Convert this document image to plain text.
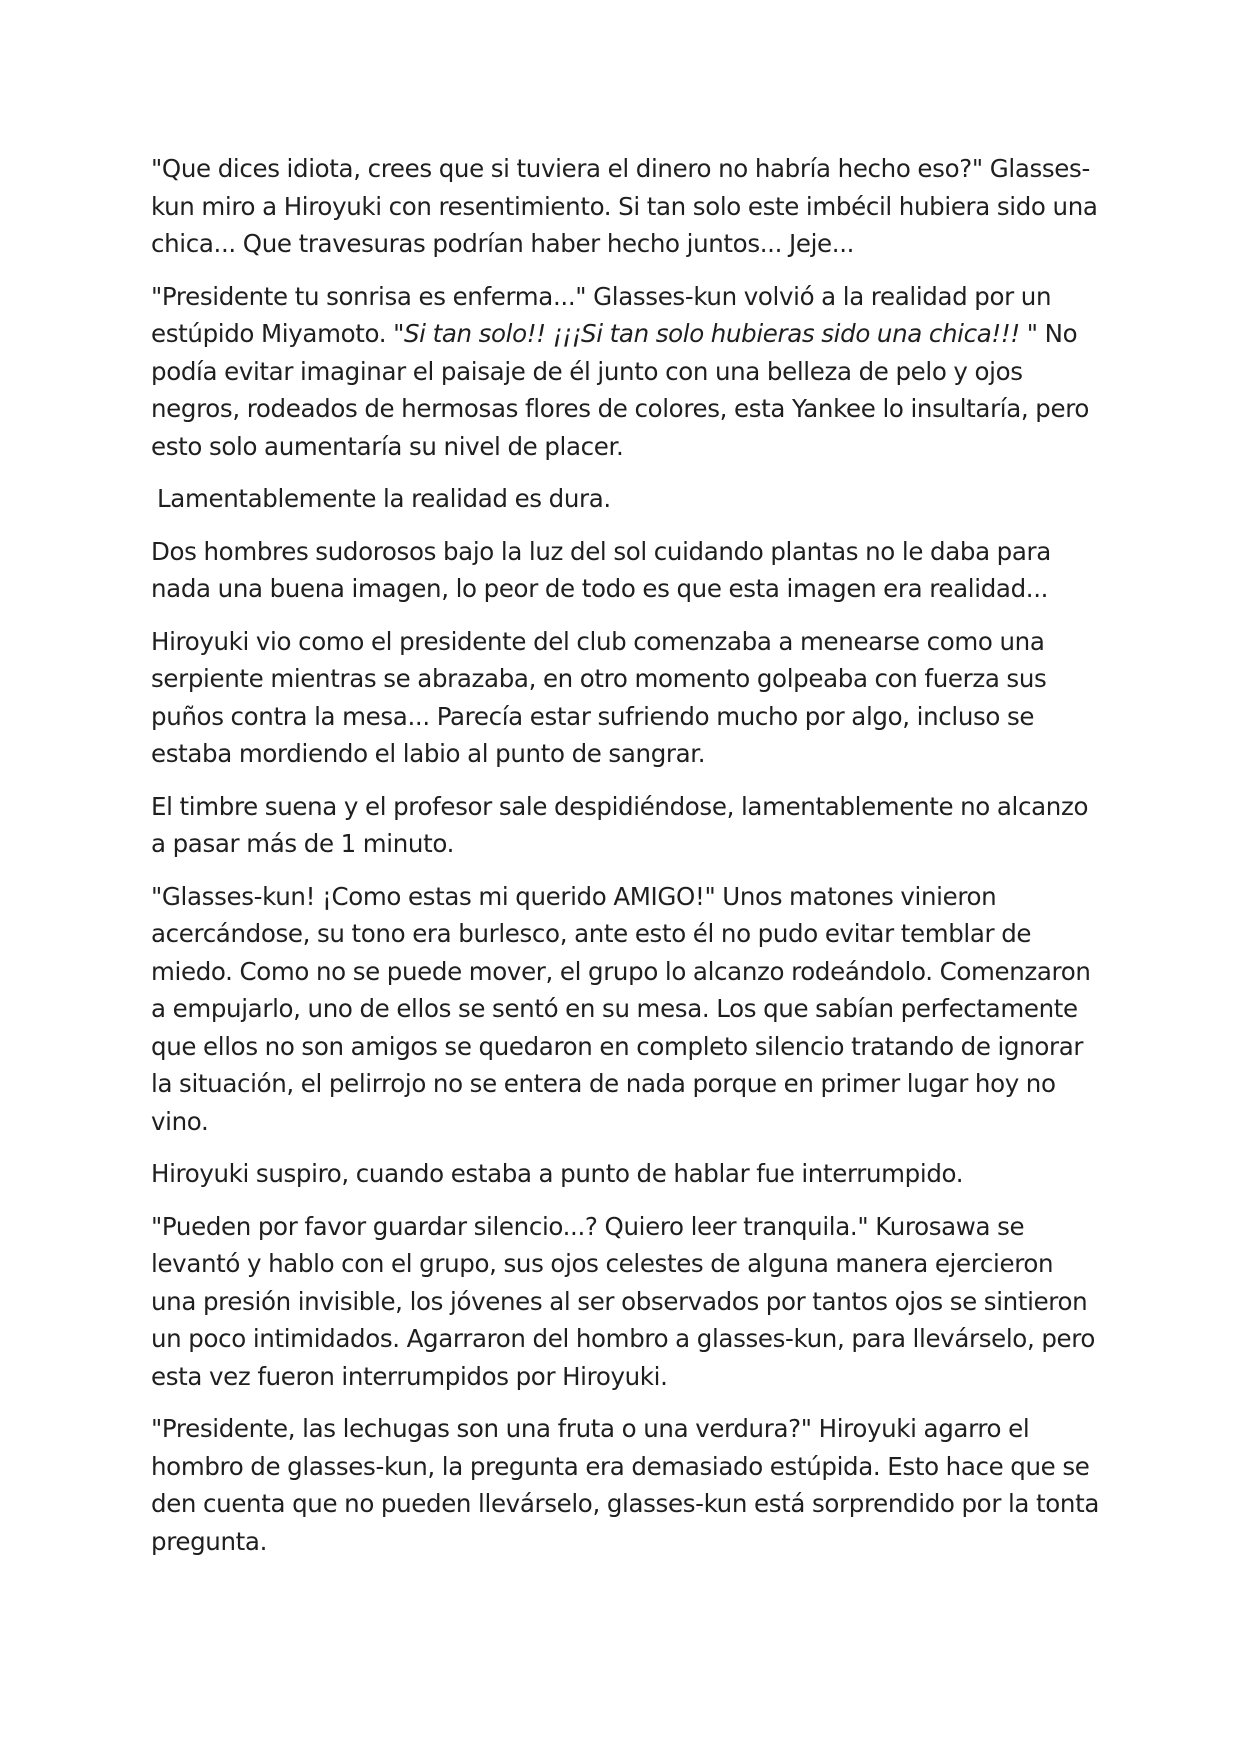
"Que dices idiota, crees que si tuviera el dinero no habría hecho eso?" Glasses-kun miro a Hiroyuki con resentimiento. Si tan solo este imbécil hubiera sido una chica... Que travesuras podrían haber hecho juntos... Jeje...

"Presidente tu sonrisa es enferma..." Glasses-kun volvió a la realidad por un estúpido Miyamoto. "Si tan solo!! ¡¡¡Si tan solo hubieras sido una chica!!! " No podía evitar imaginar el paisaje de él junto con una belleza de pelo y ojos negros, rodeados de hermosas flores de colores, esta Yankee lo insultaría, pero esto solo aumentaría su nivel de placer.

Lamentablemente la realidad es dura.

Dos hombres sudorosos bajo la luz del sol cuidando plantas no le daba para nada una buena imagen, lo peor de todo es que esta imagen era realidad...

Hiroyuki vio como el presidente del club comenzaba a menearse como una serpiente mientras se abrazaba, en otro momento golpeaba con fuerza sus puños contra la mesa... Parecía estar sufriendo mucho por algo, incluso se estaba mordiendo el labio al punto de sangrar.

El timbre suena y el profesor sale despidiéndose, lamentablemente no alcanzo a pasar más de 1 minuto.

"Glasses-kun! ¡Como estas mi querido AMIGO!" Unos matones vinieron acercándose, su tono era burlesco, ante esto él no pudo evitar temblar de miedo. Como no se puede mover, el grupo lo alcanzo rodeándolo. Comenzaron a empujarlo, uno de ellos se sentó en su mesa. Los que sabían perfectamente que ellos no son amigos se quedaron en completo silencio tratando de ignorar la situación, el pelirrojo no se entera de nada porque en primer lugar hoy no vino.

Hiroyuki suspiro, cuando estaba a punto de hablar fue interrumpido.

"Pueden por favor guardar silencio...? Quiero leer tranquila." Kurosawa se levantó y hablo con el grupo, sus ojos celestes de alguna manera ejercieron una presión invisible, los jóvenes al ser observados por tantos ojos se sintieron un poco intimidados. Agarraron del hombro a glasses-kun, para llevárselo, pero esta vez fueron interrumpidos por Hiroyuki.

"Presidente, las lechugas son una fruta o una verdura?" Hiroyuki agarro el hombro de glasses-kun, la pregunta era demasiado estúpida. Esto hace que se den cuenta que no pueden llevárselo, glasses-kun está sorprendido por la tonta pregunta.
